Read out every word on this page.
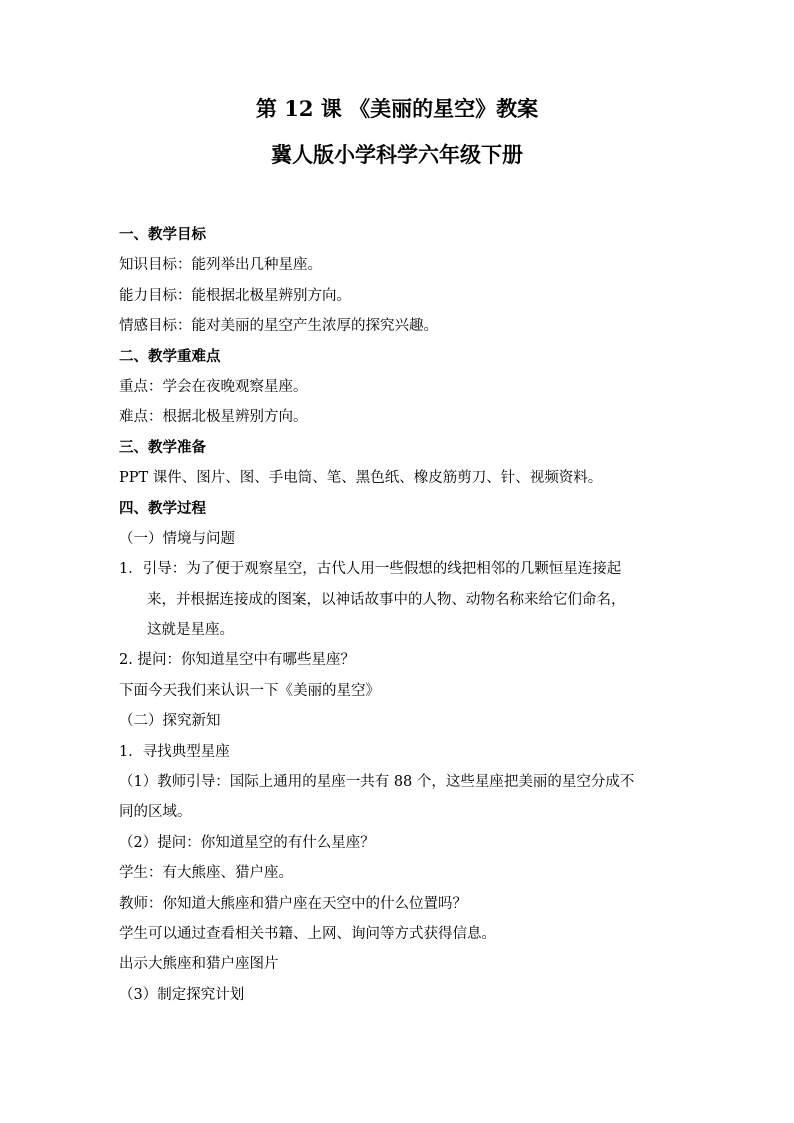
第 12 课 《美丽的星空》教案
冀人版小学科学六年级下册
一、教学目标
知识目标：能列举出几种星座。
能力目标：能根据北极星辨别方向。
情感目标：能对美丽的星空产生浓厚的探究兴趣。
二、教学重难点
重点：学会在夜晚观察星座。
难点：根据北极星辨别方向。
三、教学准备
PPT 课件、图片、图、手电筒、笔、黑色纸、橡皮筋剪刀、针、视频资料。
四、教学过程
（一）情境与问题
1．引导：为了便于观察星空，古代人用一些假想的线把相邻的几颗恒星连接起
来，并根据连接成的图案，以神话故事中的人物、动物名称来给它们命名，
这就是星座。
2. 提问：你知道星空中有哪些星座？
下面今天我们来认识一下《美丽的星空》
（二）探究新知
1．寻找典型星座
（1）教师引导：国际上通用的星座一共有 88 个，这些星座把美丽的星空分成不
同的区域。
（2）提问：你知道星空的有什么星座？
学生：有大熊座、猎户座。
教师：你知道大熊座和猎户座在天空中的什么位置吗？
学生可以通过查看相关书籍、上网、询问等方式获得信息。
出示大熊座和猎户座图片
（3）制定探究计划
